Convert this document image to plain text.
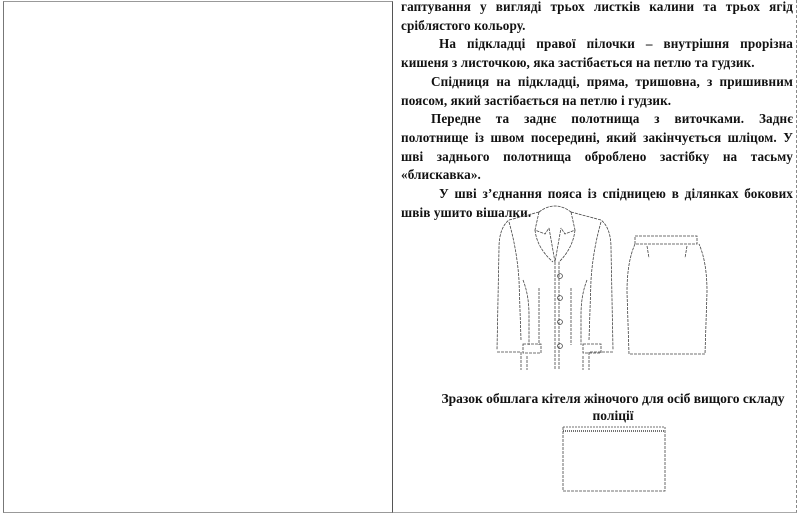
гаптування у вигляді трьох листків калини та трьох ягід сріблястого кольору.

На підкладці правої пілочки – внутрішня прорізна кишеня з листочкою, яка застібається на петлю та гудзик.

Спідниця на підкладці, пряма, тришовна, з пришивним поясом, який застібається на петлю і гудзик.

Передне та заднє полотнища з виточками. Заднє полотнище із швом посередині, який закінчується шліцом. У шві заднього полотнища оброблено застібку на тасьму «блискавка».

У шві з’єднання пояса із спідницею в ділянках бокових швів ушито вішалки.

Зразок обшлага кітеля жіночого для осіб вищого складу поліції
